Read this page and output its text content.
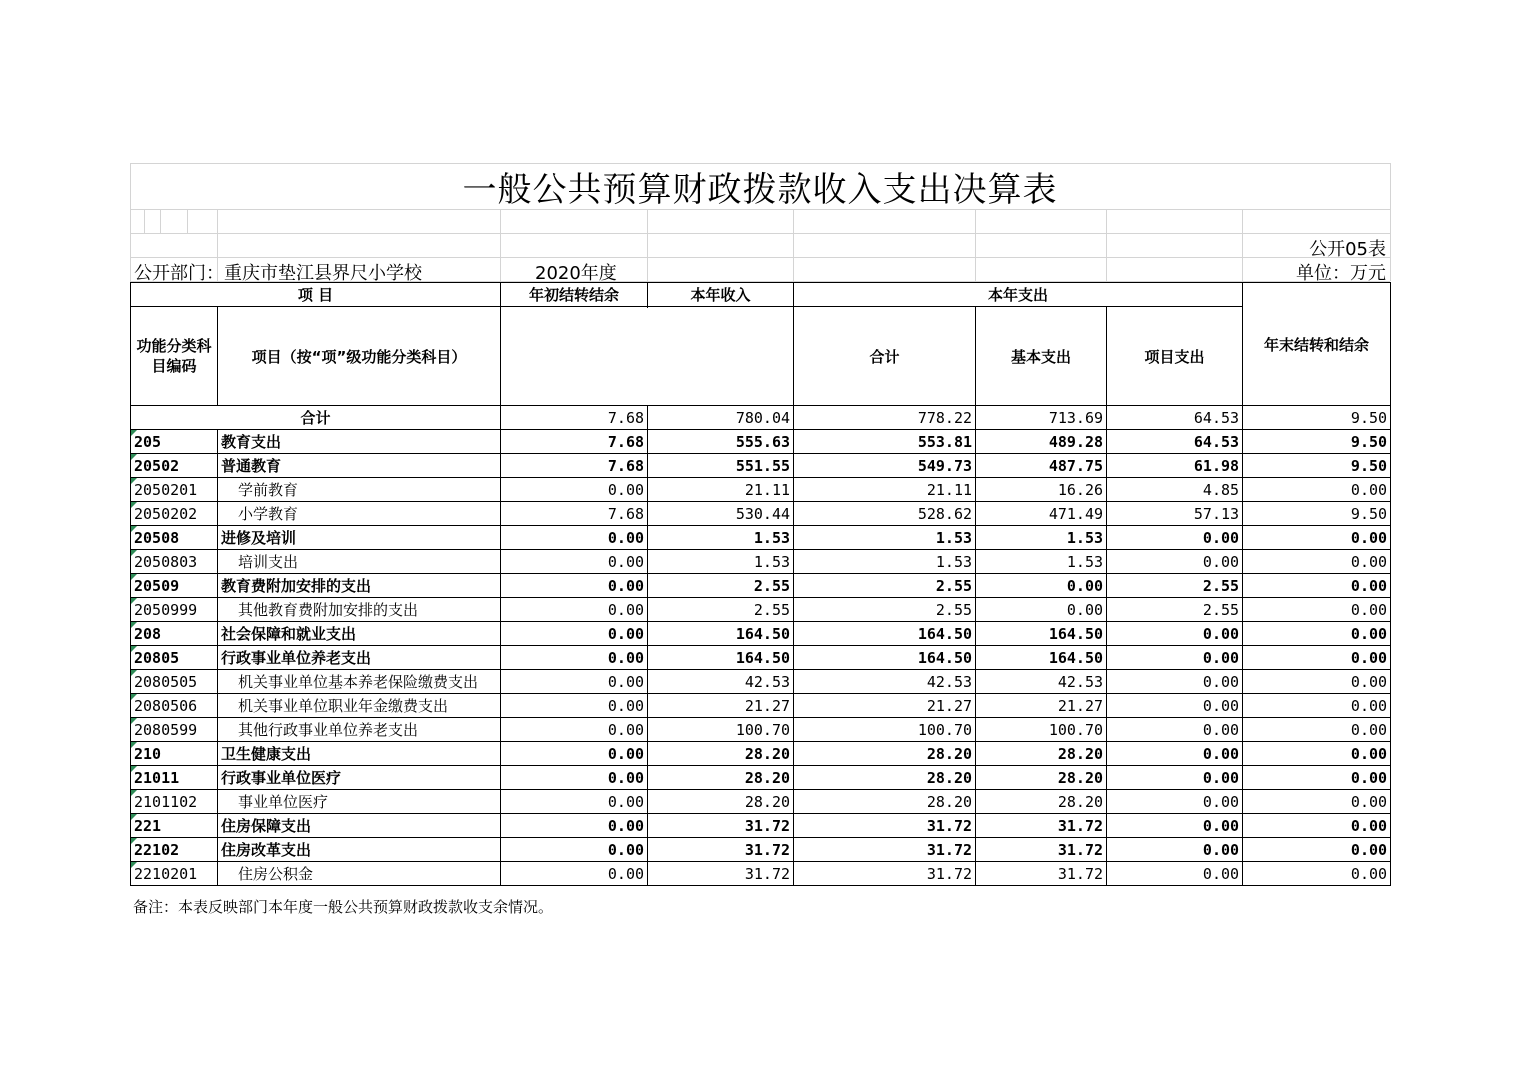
一般公共预算财政拨款收入支出决算表
公开05表
公开部门：重庆市垫江县界尺小学校	2020年度	单位：万元
项 目		年初结转结余	本年收入	本年支出			年末结转和结余
功能分类科目编码	项目（按“项”级功能分类科目）			合计	基本支出	项目支出	

合计		7.68	780.04	778.22	713.69	64.53	9.50
205	教育支出	7.68	555.63	553.81	489.28	64.53	9.50
20502	普通教育	7.68	551.55	549.73	487.75	61.98	9.50
2050201	学前教育	0.00	21.11	21.11	16.26	4.85	0.00
2050202	小学教育	7.68	530.44	528.62	471.49	57.13	9.50
20508	进修及培训	0.00	1.53	1.53	1.53	0.00	0.00
2050803	培训支出	0.00	1.53	1.53	1.53	0.00	0.00
20509	教育费附加安排的支出	0.00	2.55	2.55	0.00	2.55	0.00
2050999	其他教育费附加安排的支出	0.00	2.55	2.55	0.00	2.55	0.00
208	社会保障和就业支出	0.00	164.50	164.50	164.50	0.00	0.00
20805	行政事业单位养老支出	0.00	164.50	164.50	164.50	0.00	0.00
2080505	机关事业单位基本养老保险缴费支出	0.00	42.53	42.53	42.53	0.00	0.00
2080506	机关事业单位职业年金缴费支出	0.00	21.27	21.27	21.27	0.00	0.00
2080599	其他行政事业单位养老支出	0.00	100.70	100.70	100.70	0.00	0.00
210	卫生健康支出	0.00	28.20	28.20	28.20	0.00	0.00
21011	行政事业单位医疗	0.00	28.20	28.20	28.20	0.00	0.00
2101102	事业单位医疗	0.00	28.20	28.20	28.20	0.00	0.00
221	住房保障支出	0.00	31.72	31.72	31.72	0.00	0.00
22102	住房改革支出	0.00	31.72	31.72	31.72	0.00	0.00
2210201	住房公积金	0.00	31.72	31.72	31.72	0.00	0.00
备注：本表反映部门本年度一般公共预算财政拨款收支余情况。
